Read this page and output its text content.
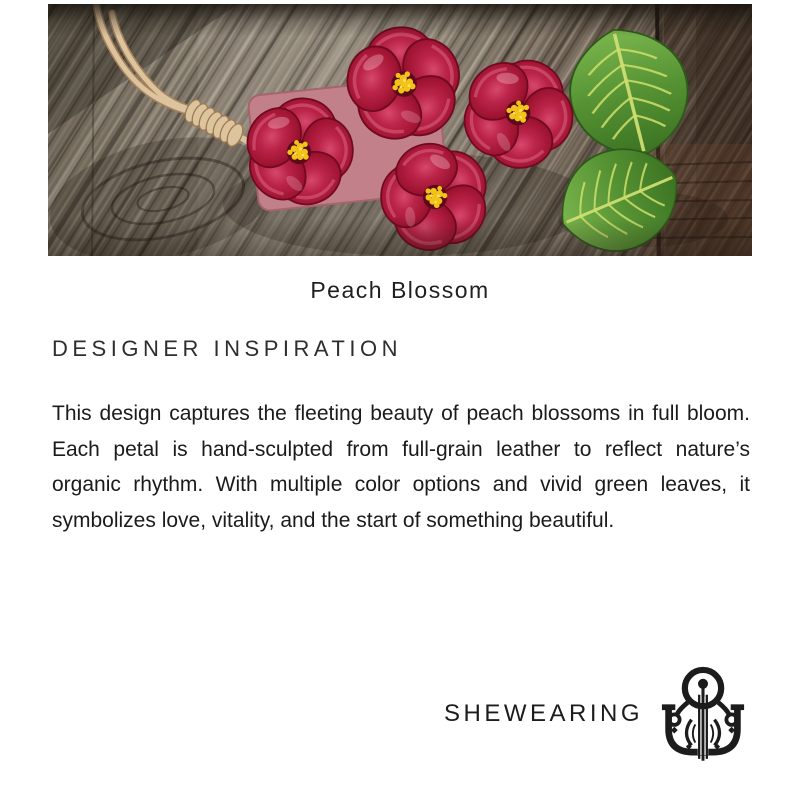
Peach Blossom
DESIGNER INSPIRATION

This design captures the fleeting beauty of peach blossoms in full bloom. Each petal is hand-sculpted from full-grain leather to reflect nature’s organic rhythm. With multiple color options and vivid green leaves, it symbolizes love, vitality, and the start of something beautiful.

SHEWEARING
